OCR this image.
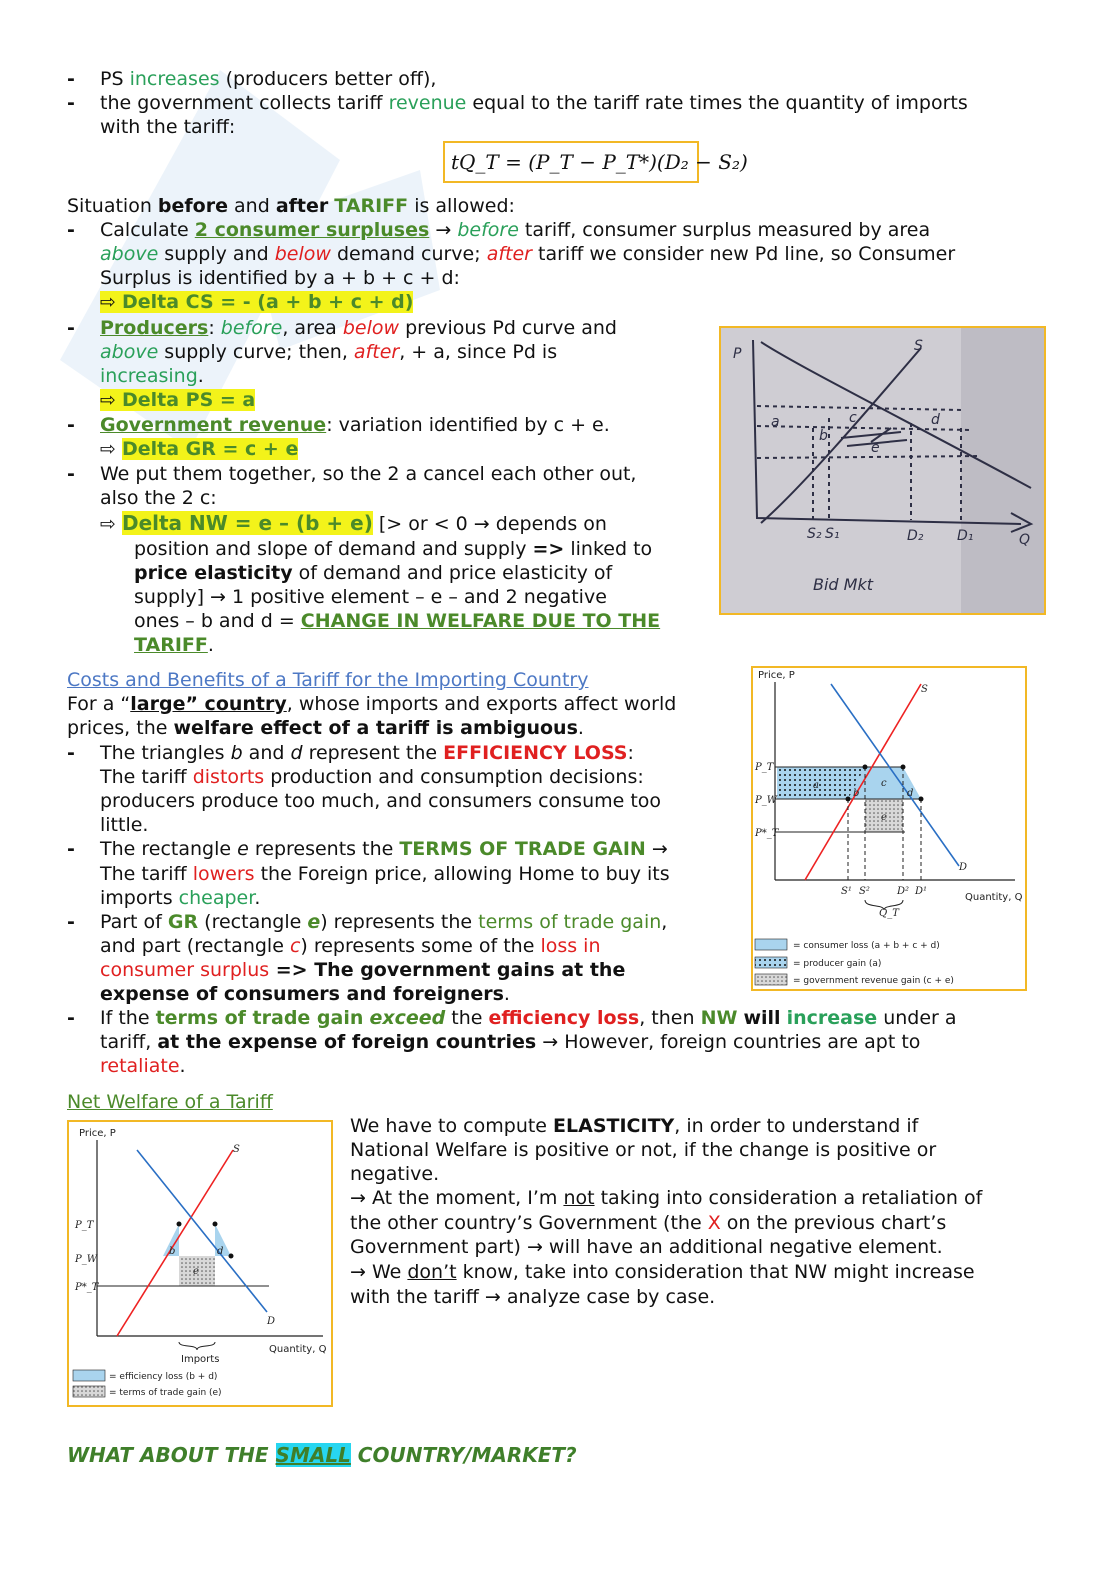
- PS increases (producers better off),
- the government collects tariff revenue equal to the tariff rate times the quantity of imports
with the tariff:
tQ_T = (P_T − P_T*)(D₂ − S₂)
Situation before and after TARIFF is allowed:
- Calculate 2 consumer surpluses → before tariff, consumer surplus measured by area
above supply and below demand curve; after tariff we consider new Pd line, so Consumer
Surplus is identified by a + b + c + d:
⇨ Delta CS = - (a + b + c + d)
- Producers: before, area below previous Pd curve and
above supply curve; then, after, + a, since Pd is
increasing.
⇨ Delta PS = a
- Government revenue: variation identified by c + e.
⇨ Delta GR = c + e
- We put them together, so the 2 a cancel each other out,
also the 2 c:
⇨ Delta NW = e – (b + e) [> or < 0 → depends on
position and slope of demand and supply => linked to
price elasticity of demand and price elasticity of
supply] → 1 positive element – e – and 2 negative
ones – b and d = CHANGE IN WELFARE DUE TO THE
TARIFF.
P	S
a	c
b
d
e
S₂ S₁	D₂ D₁	Q
Bid Mkt
Costs and Benefits of a Tariff for the Importing Country
For a “large” country, whose imports and exports affect world
prices, the welfare effect of a tariff is ambiguous.
- The triangles b and d represent the EFFICIENCY LOSS:
The tariff distorts production and consumption decisions:
producers produce too much, and consumers consume too
little.
- The rectangle e represents the TERMS OF TRADE GAIN →
The tariff lowers the Foreign price, allowing Home to buy its
imports cheaper.
- Part of GR (rectangle e) represents the terms of trade gain,
and part (rectangle c) represents some of the loss in
consumer surplus => The government gains at the
expense of consumers and foreigners.
- If the terms of trade gain exceed the efficiency loss, then NW will increase under a
tariff, at the expense of foreign countries → However, foreign countries are apt to
retaliate.
Price, P
Quantity, Q
S
D
P_T
P_W
P*_T
a
b
c
d
e
S¹ S²	D² D¹
Q_T
= consumer loss (a + b + c + d)
= producer gain (a)
= government revenue gain (c + e)
Net Welfare of a Tariff
Price, P
Quantity, Q
Imports
S
D
P_T
P_W
P*_T
b	d
e
= efficiency loss (b + d)
= terms of trade gain (e)
We have to compute ELASTICITY, in order to understand if
National Welfare is positive or not, if the change is positive or
negative.
→ At the moment, I’m not taking into consideration a retaliation of
the other country’s Government (the X on the previous chart’s
Government part) → will have an additional negative element.
→ We don’t know, take into consideration that NW might increase
with the tariff → analyze case by case.
WHAT ABOUT THE SMALL COUNTRY/MARKET?
